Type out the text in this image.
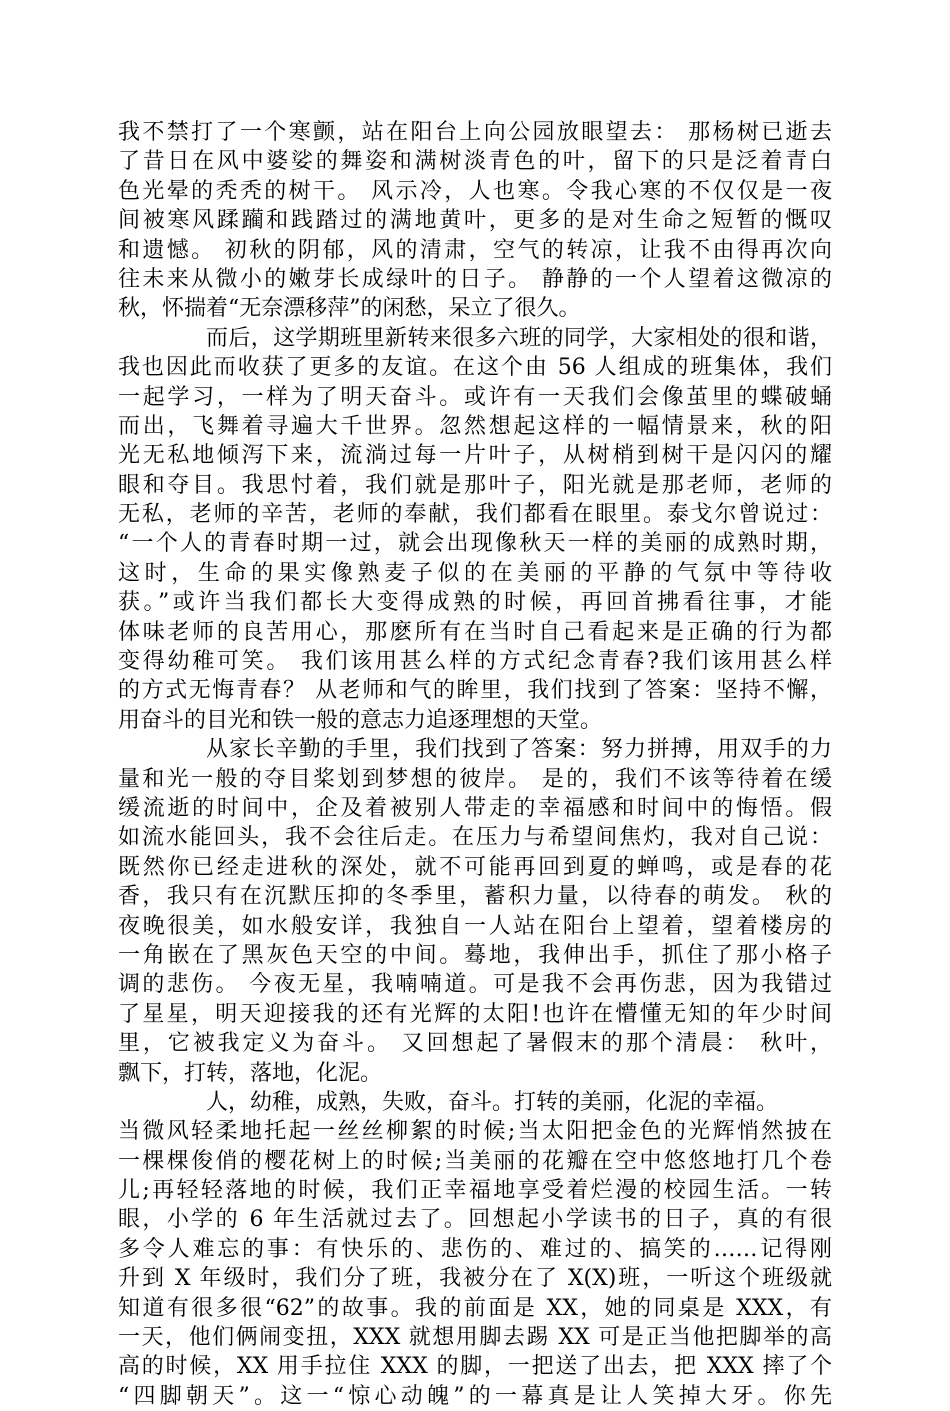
我不禁打了一个寒颤，站在阳台上向公园放眼望去： 那杨树已逝去
了昔日在风中婆娑的舞姿和满树淡青色的叶，留下的只是泛着青白
色光晕的秃秃的树干。 风示冷，人也寒。令我心寒的不仅仅是一夜
间被寒风蹂躏和践踏过的满地黄叶，更多的是对生命之短暂的慨叹
和遗憾。 初秋的阴郁，风的清肃，空气的转凉，让我不由得再次向
往未来从微小的嫩芽长成绿叶的日子。 静静的一个人望着这微凉的
秋，怀揣着“无奈漂移萍”的闲愁，呆立了很久。
而后，这学期班里新转来很多六班的同学，大家相处的很和谐，
我也因此而收获了更多的友谊。在这个由 56 人组成的班集体，我们
一起学习，一样为了明天奋斗。或许有一天我们会像茧里的蝶破蛹
而出，飞舞着寻遍大千世界。忽然想起这样的一幅情景来，秋的阳
光无私地倾泻下来，流淌过每一片叶子，从树梢到树干是闪闪的耀
眼和夺目。我思忖着，我们就是那叶子，阳光就是那老师，老师的
无私，老师的辛苦，老师的奉献，我们都看在眼里。泰戈尔曾说过：
“一个人的青春时期一过，就会出现像秋天一样的美丽的成熟时期，
这时，生命的果实像熟麦子似的在美丽的平静的气氛中等待收
获。”或许当我们都长大变得成熟的时候，再回首拂看往事，才能
体味老师的良苦用心，那麽所有在当时自己看起来是正确的行为都
变得幼稚可笑。 我们该用甚么样的方式纪念青春?我们该用甚么样
的方式无悔青春？ 从老师和气的眸里，我们找到了答案：坚持不懈，
用奋斗的目光和铁一般的意志力追逐理想的天堂。
从家长辛勤的手里，我们找到了答案：努力拼搏，用双手的力
量和光一般的夺目桨划到梦想的彼岸。 是的，我们不该等待着在缓
缓流逝的时间中，企及着被别人带走的幸福感和时间中的悔悟。假
如流水能回头，我不会往后走。在压力与希望间焦灼，我对自己说：
既然你已经走进秋的深处，就不可能再回到夏的蝉鸣，或是春的花
香，我只有在沉默压抑的冬季里，蓄积力量，以待春的萌发。 秋的
夜晚很美，如水般安详，我独自一人站在阳台上望着，望着楼房的
一角嵌在了黑灰色天空的中间。蓦地，我伸出手，抓住了那小格子
调的悲伤。 今夜无星，我喃喃道。可是我不会再伤悲，因为我错过
了星星，明天迎接我的还有光辉的太阳!也许在懵懂无知的年少时间
里，它被我定义为奋斗。 又回想起了暑假末的那个清晨： 秋叶，
飘下，打转，落地，化泥。
人，幼稚，成熟，失败，奋斗。打转的美丽，化泥的幸福。
当微风轻柔地托起一丝丝柳絮的时候;当太阳把金色的光辉悄然披在
一棵棵俊俏的樱花树上的时候;当美丽的花瓣在空中悠悠地打几个卷
儿;再轻轻落地的时候，我们正幸福地享受着烂漫的校园生活。一转
眼，小学的 6 年生活就过去了。回想起小学读书的日子，真的有很
多令人难忘的事：有快乐的、悲伤的、难过的、搞笑的……记得刚
升到 X 年级时，我们分了班，我被分在了 X(X)班，一听这个班级就
知道有很多很“62”的故事。我的前面是 XX，她的同桌是 XXX，有
一天，他们俩闹变扭，XXX 就想用脚去踢 XX 可是正当他把脚举的高
高的时候，XX 用手拉住 XXX 的脚，一把送了出去，把 XXX 摔了个
“四脚朝天”。这一“惊心动魄”的一幕真是让人笑掉大牙。你先
